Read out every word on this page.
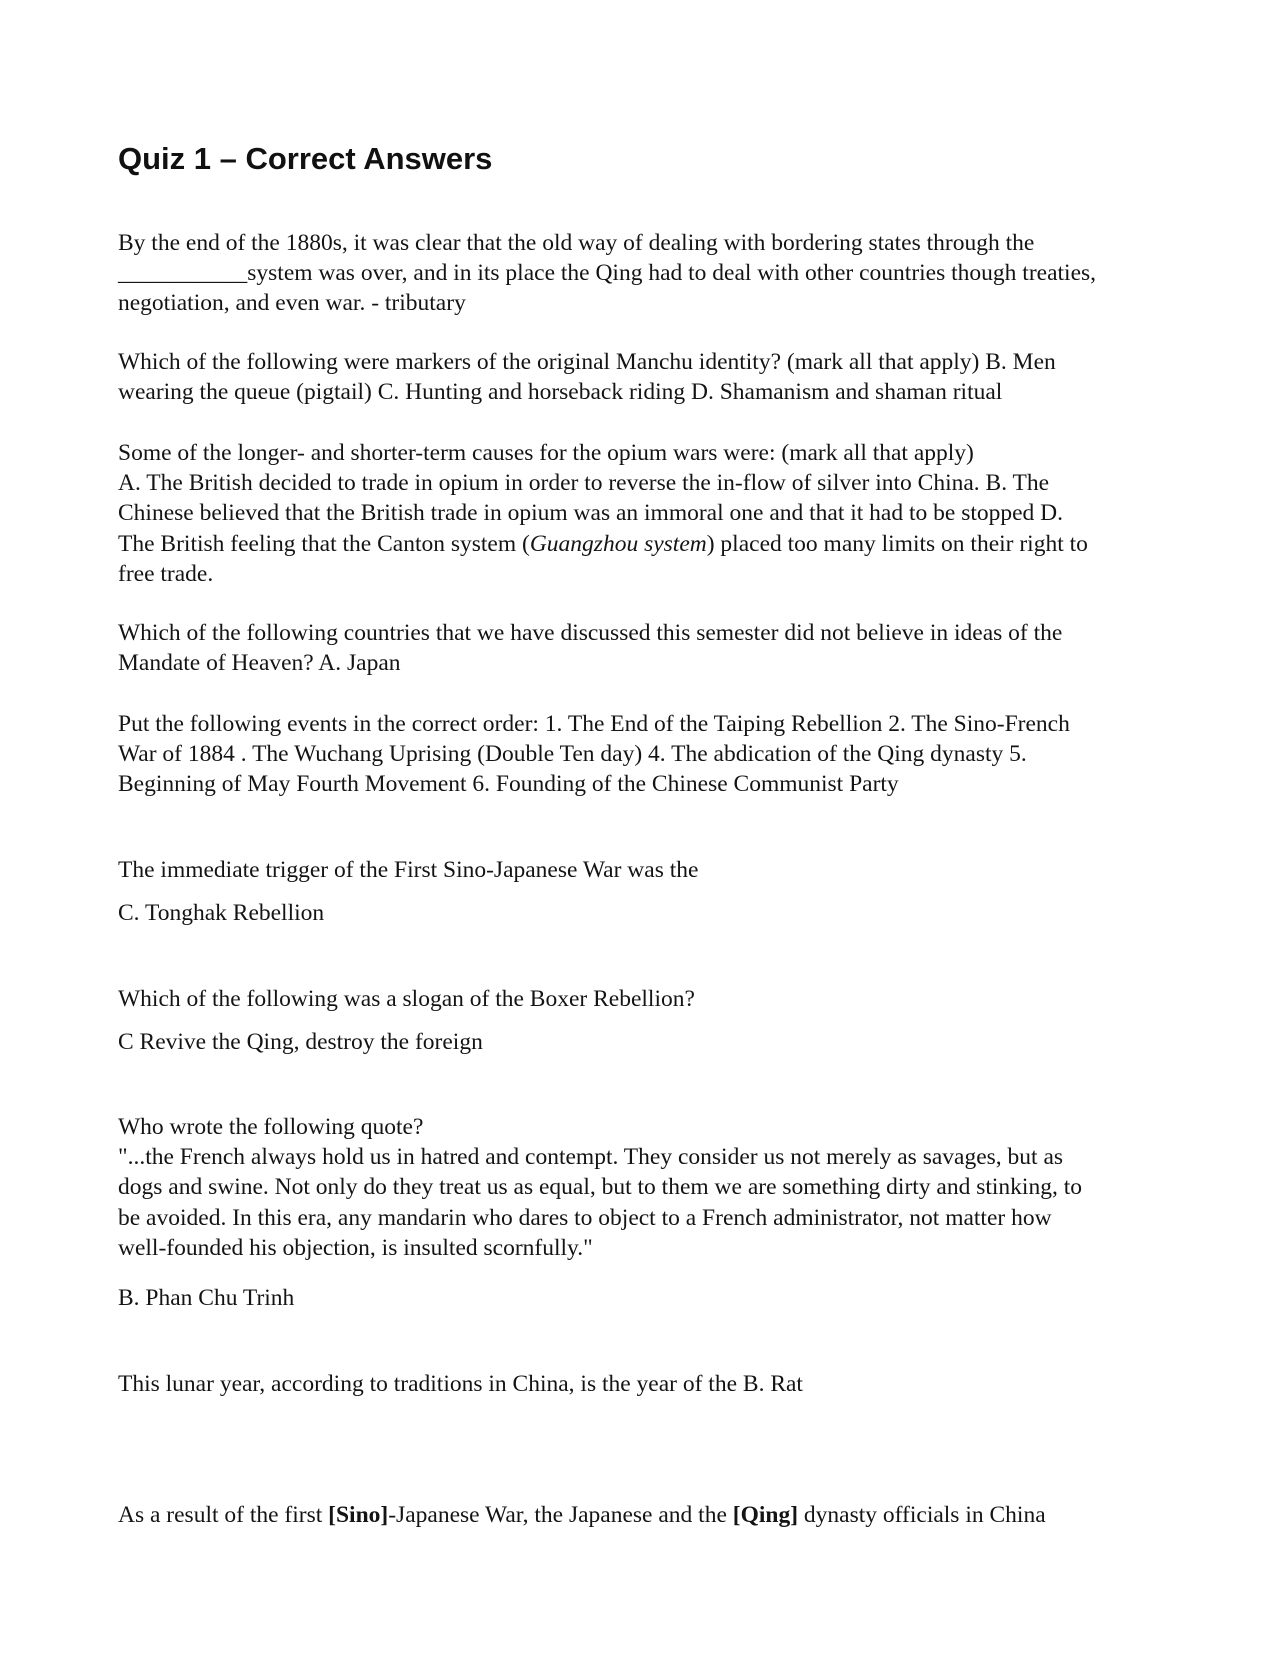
Quiz 1 – Correct Answers
By the end of the 1880s, it was clear that the old way of dealing with bordering states through the
___________system was over, and in its place the Qing had to deal with other countries though treaties,
negotiation, and even war. - tributary
Which of the following were markers of the original Manchu identity? (mark all that apply) B. Men
wearing the queue (pigtail) C. Hunting and horseback riding D. Shamanism and shaman ritual
Some of the longer- and shorter-term causes for the opium wars were: (mark all that apply)
A. The British decided to trade in opium in order to reverse the in-flow of silver into China. B. The
Chinese believed that the British trade in opium was an immoral one and that it had to be stopped D.
The British feeling that the Canton system (Guangzhou system) placed too many limits on their right to
free trade.
Which of the following countries that we have discussed this semester did not believe in ideas of the
Mandate of Heaven? A. Japan
Put the following events in the correct order: 1. The End of the Taiping Rebellion 2. The Sino-French
War of 1884 . The Wuchang Uprising (Double Ten day) 4. The abdication of the Qing dynasty 5.
Beginning of May Fourth Movement 6. Founding of the Chinese Communist Party
The immediate trigger of the First Sino-Japanese War was the
C. Tonghak Rebellion
Which of the following was a slogan of the Boxer Rebellion?
C Revive the Qing, destroy the foreign
Who wrote the following quote?
"...the French always hold us in hatred and contempt. They consider us not merely as savages, but as
dogs and swine. Not only do they treat us as equal, but to them we are something dirty and stinking, to
be avoided. In this era, any mandarin who dares to object to a French administrator, not matter how
well-founded his objection, is insulted scornfully."
B. Phan Chu Trinh
This lunar year, according to traditions in China, is the year of the B. Rat
As a result of the first [Sino]-Japanese War, the Japanese and the [Qing] dynasty officials in China
